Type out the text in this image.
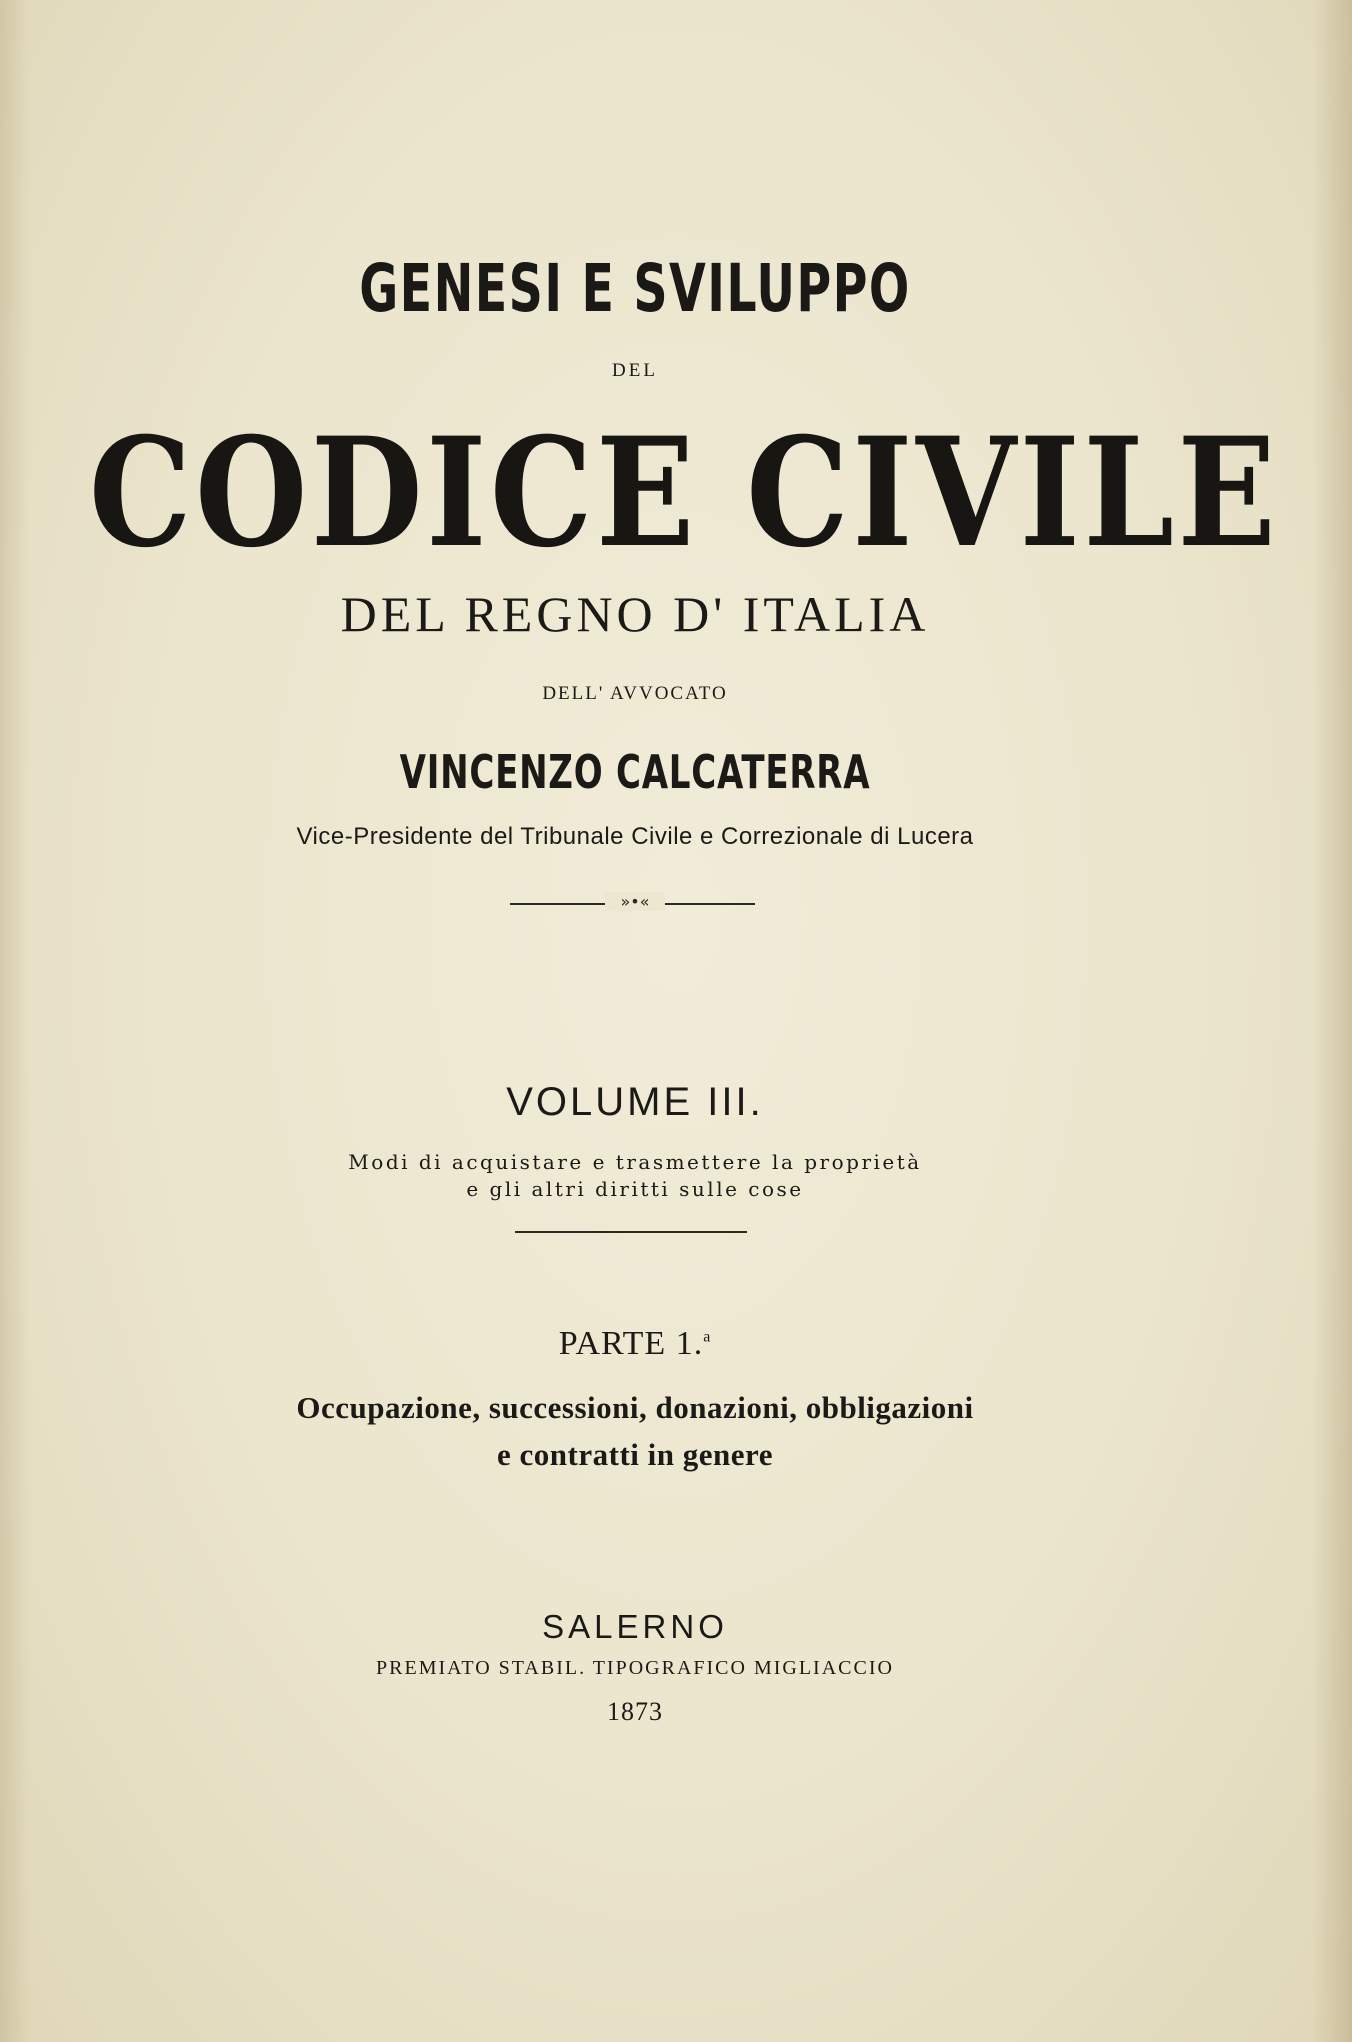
GENESI E SVILUPPO
DEL
CODICE CIVILE
DEL REGNO D' ITALIA
DELL' AVVOCATO
VINCENZO CALCATERRA
Vice-Presidente del Tribunale Civile e Correzionale di Lucera
»•«
VOLUME III.
Modi di acquistare e trasmettere la proprietà
e gli altri diritti sulle cose
PARTE 1.$^a$
Occupazione, successioni, donazioni, obbligazioni
e contratti in genere
SALERNO
PREMIATO STABIL. TIPOGRAFICO MIGLIACCIO
1873
